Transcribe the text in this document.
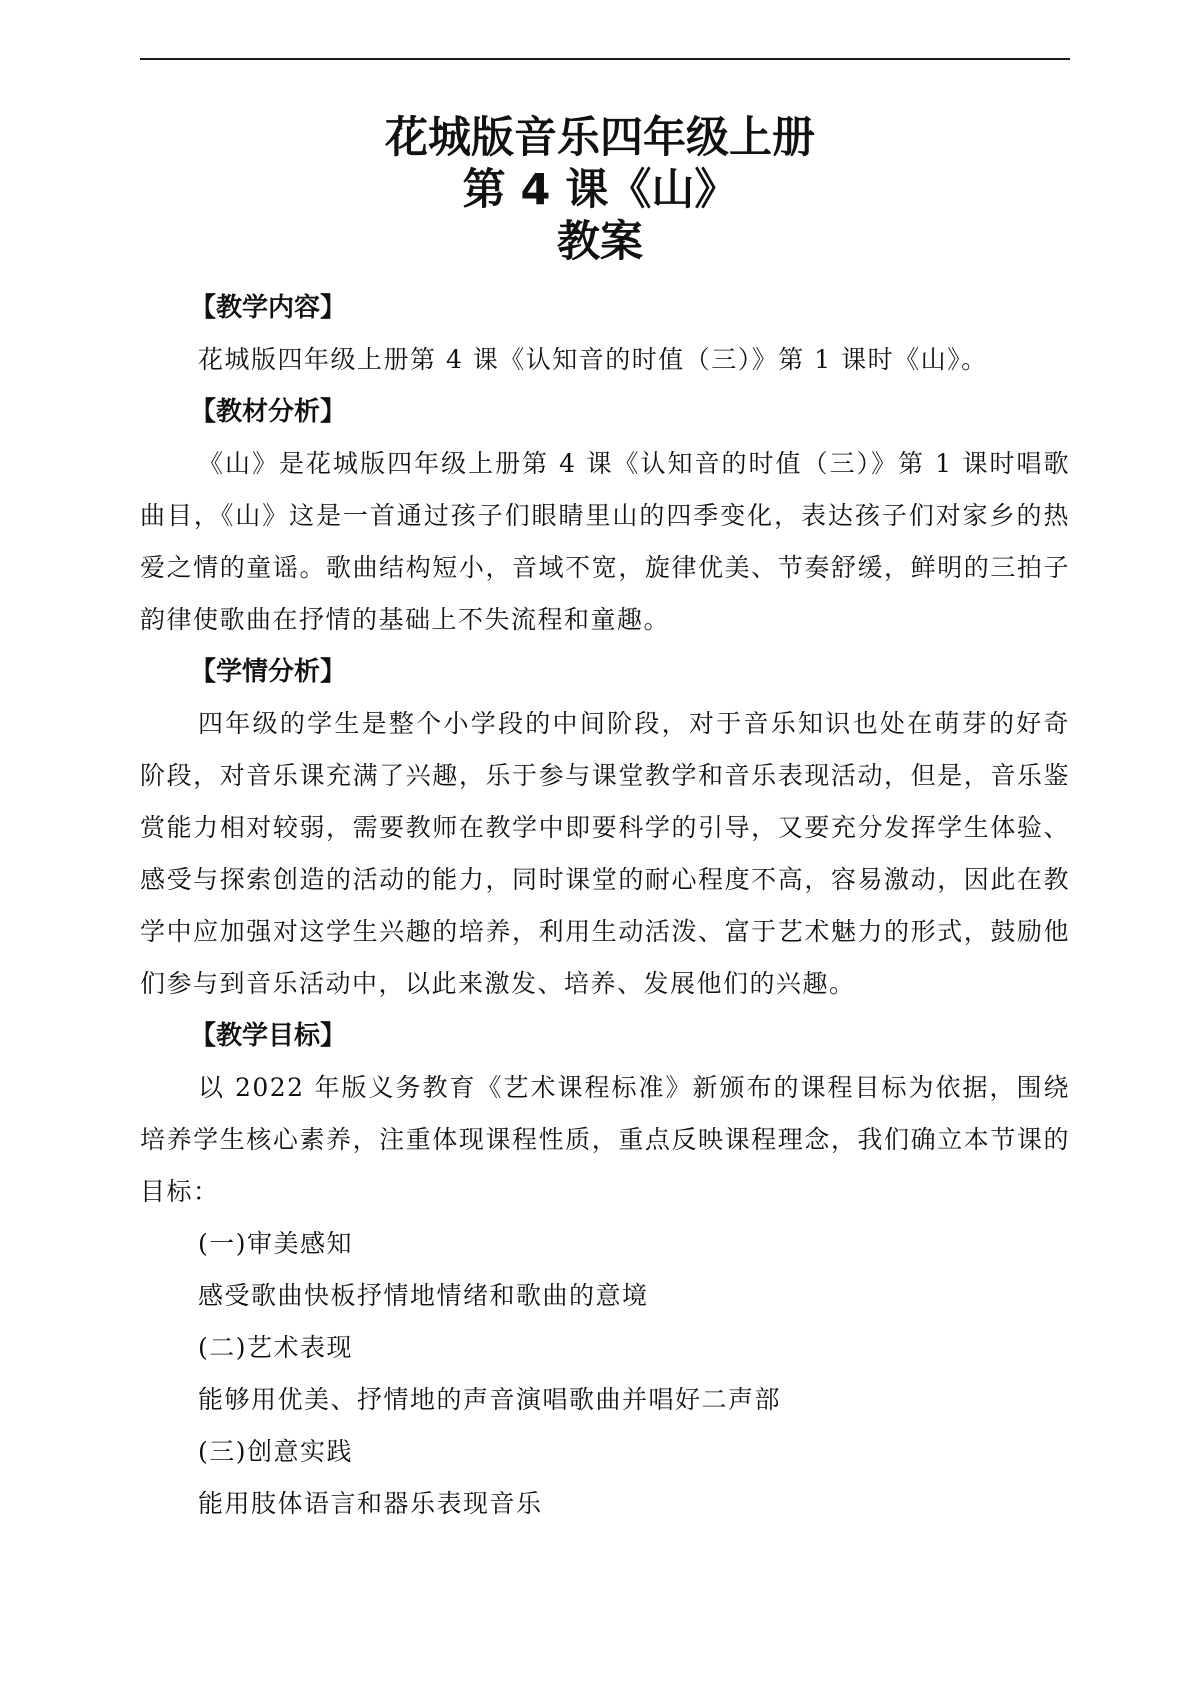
花城版音乐四年级上册
第 4 课《山》
教案
【教学内容】

花城版四年级上册第 4 课《认知音的时值（三）》第 1 课时《山》。

【教材分析】

《山》是花城版四年级上册第 4 课《认知音的时值（三）》第 1 课时唱歌曲目，《山》这是一首通过孩子们眼睛里山的四季变化，表达孩子们对家乡的热爱之情的童谣。歌曲结构短小，音域不宽，旋律优美、节奏舒缓，鲜明的三拍子韵律使歌曲在抒情的基础上不失流程和童趣。

【学情分析】

四年级的学生是整个小学段的中间阶段，对于音乐知识也处在萌芽的好奇阶段，对音乐课充满了兴趣，乐于参与课堂教学和音乐表现活动，但是，音乐鉴赏能力相对较弱，需要教师在教学中即要科学的引导，又要充分发挥学生体验、感受与探索创造的活动的能力，同时课堂的耐心程度不高，容易激动，因此在教学中应加强对这学生兴趣的培养，利用生动活泼、富于艺术魅力的形式，鼓励他们参与到音乐活动中，以此来激发、培养、发展他们的兴趣。

【教学目标】

以 2022 年版义务教育《艺术课程标准》新颁布的课程目标为依据，围绕培养学生核心素养，注重体现课程性质，重点反映课程理念，我们确立本节课的目标：

(一)审美感知

感受歌曲快板抒情地情绪和歌曲的意境

(二)艺术表现

能够用优美、抒情地的声音演唱歌曲并唱好二声部

(三)创意实践

能用肢体语言和器乐表现音乐
